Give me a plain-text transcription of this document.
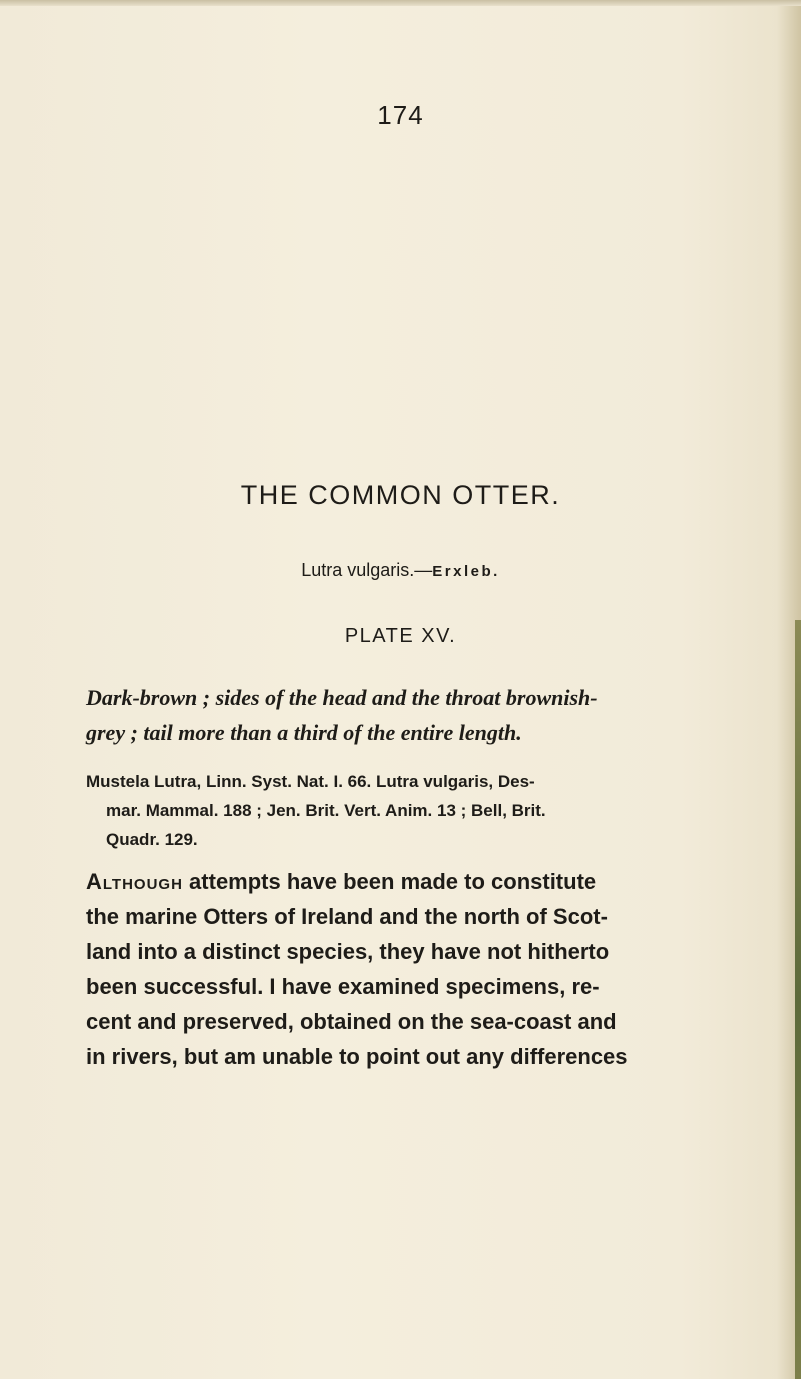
174
THE COMMON OTTER.
Lutra vulgaris.—Erxleb.
PLATE XV.
Dark-brown ; sides of the head and the throat brownish-
grey ; tail more than a third of the entire length.
Mustela Lutra, Linn. Syst. Nat. I. 66. Lutra vulgaris, Des-
mar. Mammal. 188 ; Jen. Brit. Vert. Anim. 13 ; Bell, Brit.
Quadr. 129.
Although attempts have been made to constitute
the marine Otters of Ireland and the north of Scot-
land into a distinct species, they have not hitherto
been successful. I have examined specimens, re-
cent and preserved, obtained on the sea-coast and
in rivers, but am unable to point out any differences
